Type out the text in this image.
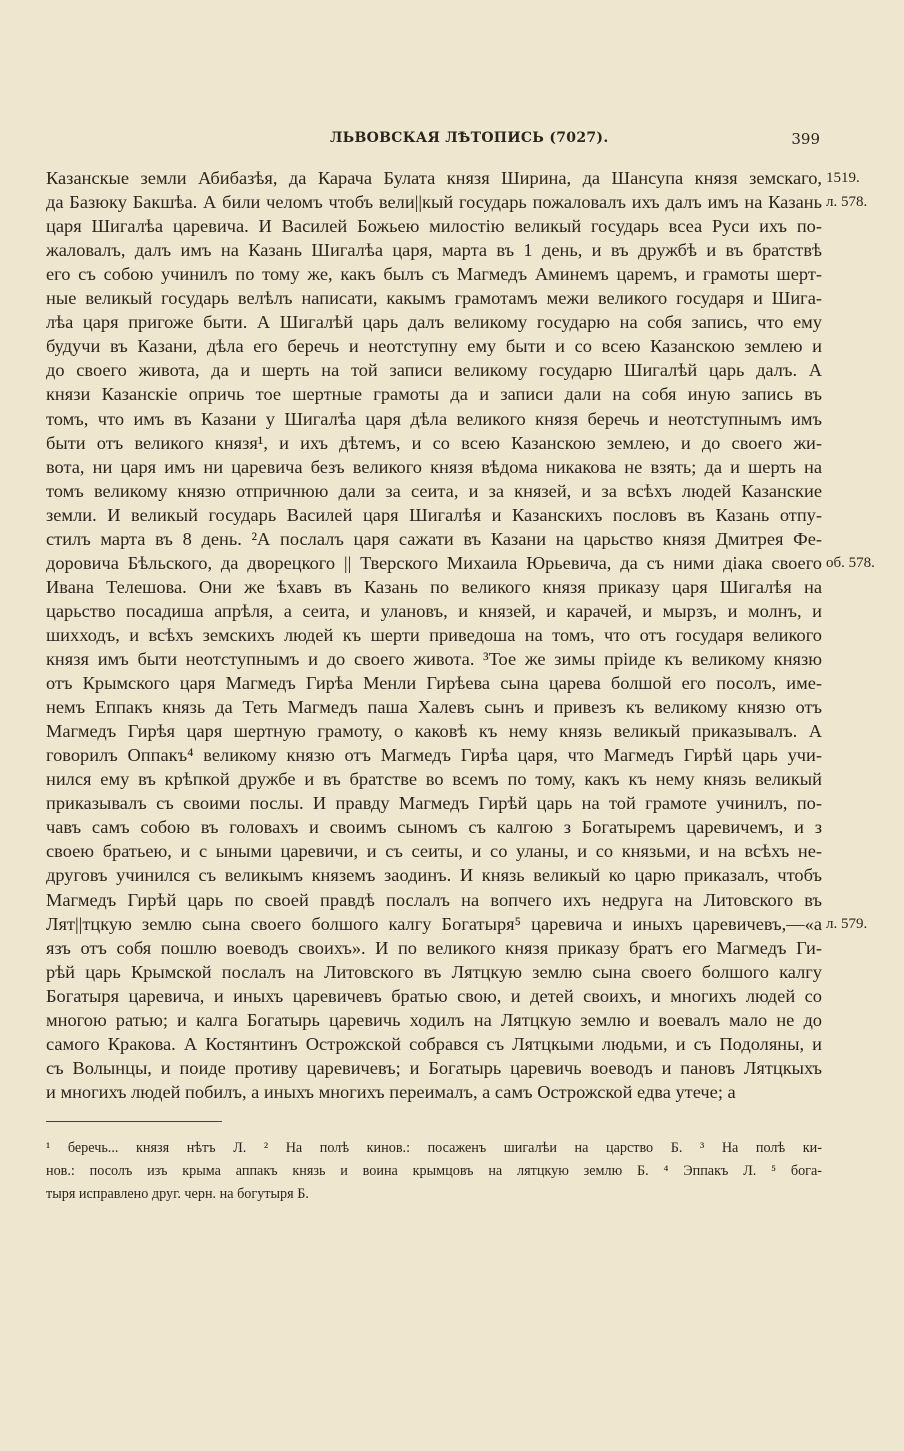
ЛЬВОВСКАЯ ЛѢТОПИСЬ (7027).	399
Казанскые земли Абибазѣя, да Карача Булата князя Ширина, да Шансупа князя земскаго,
да Базюку Бакшѣа. А били челомъ чтобъ вели||кый государь пожаловалъ ихъ далъ имъ на Казань
царя Шигалѣа царевича. И Василей Божьею милостію великый государь всеа Руси ихъ по-
жаловалъ, далъ имъ на Казань Шигалѣа царя, марта въ 1 день, и въ дружбѣ и въ братствѣ
его съ собою учинилъ по тому же, какъ былъ съ Магмедъ Аминемъ царемъ, и грамоты шерт-
ные великый государь велѣлъ написати, какымъ грамотамъ межи великого государя и Шига-
лѣа царя пригоже быти. А Шигалѣй царь далъ великому государю на собя запись, что ему
будучи въ Казани, дѣла его беречь и неотступну ему быти и со всею Казанскою землею и
до своего живота, да и шерть на той записи великому государю Шигалѣй царь далъ. А
князи Казанскіе опричь тое шертные грамоты да и записи дали на собя иную запись въ
томъ, что имъ въ Казани у Шигалѣа царя дѣла великого князя беречь и неотступнымъ имъ
быти отъ великого князя¹, и ихъ дѣтемъ, и со всею Казанскою землею, и до своего жи-
вота, ни царя имъ ни царевича безъ великого князя вѣдома никакова не взять; да и шерть на
томъ великому князю отпричнюю дали за сеита, и за князей, и за всѣхъ людей Казанские
земли. И великый государь Василей царя Шигалѣя и Казанскихъ пословъ въ Казань отпу-
стилъ марта въ 8 день. ²А послалъ царя сажати въ Казани на царьство князя Дмитрея Фе-
доровича Бѣльского, да дворецкого || Тверского Михаила Юрьевича, да съ ними діака своего
Ивана Телешова. Они же ѣхавъ въ Казань по великого князя приказу царя Шигалѣя на
царьство посадиша апрѣля, а сеита, и улановъ, и князей, и карачей, и мырзъ, и молнъ, и
шихходъ, и всѣхъ земскихъ людей къ шерти приведоша на томъ, что отъ государя великого
князя имъ быти неотступнымъ и до своего живота. ³Тое же зимы пріиде къ великому князю
отъ Крымского царя Магмедъ Гирѣа Менли Гирѣева сына царева болшой его посолъ, име-
немъ Еппакъ князь да Теть Магмедъ паша Халевъ сынъ и привезъ къ великому князю отъ
Магмедъ Гирѣя царя шертную грамоту, о каковѣ къ нему князь великый приказывалъ. А
говорилъ Оппакъ⁴ великому князю отъ Магмедъ Гирѣа царя, что Магмедъ Гирѣй царь учи-
нился ему въ крѣпкой дружбе и въ братстве во всемъ по тому, какъ къ нему князь великый
приказывалъ съ своими послы. И правду Магмедъ Гирѣй царь на той грамоте учинилъ, по-
чавъ самъ собою въ головахъ и своимъ сыномъ съ калгою з Богатыремъ царевичемъ, и з
своею братьею, и с ыными царевичи, и съ сеиты, и со уланы, и со князьми, и на всѣхъ не-
друговъ учинился съ великымъ княземъ заодинъ. И князь великый ко царю приказалъ, чтобъ
Магмедъ Гирѣй царь по своей правдѣ послалъ на вопчего ихъ недруга на Литовского въ
Лят||тцкую землю сына своего болшого калгу Богатыря⁵ царевича и иныхъ царевичевъ,—«а
язъ отъ собя пошлю воеводъ своихъ». И по великого князя приказу братъ его Магмедъ Ги-
рѣй царь Крымской послалъ на Литовского въ Лятцкую землю сына своего болшого калгу
Богатыря царевича, и иныхъ царевичевъ братью свою, и детей своихъ, и многихъ людей со
многою ратью; и калга Богатырь царевичь ходилъ на Лятцкую землю и воевалъ мало не до
самого Кракова. А Костянтинъ Острожской собрався съ Лятцкыми людьми, и съ Подоляны, и
съ Волынцы, и поиде противу царевичевъ; и Богатырь царевичь воеводъ и пановъ Лятцкыхъ
и многихъ людей побилъ, а иныхъ многихъ переималъ, а самъ Острожской едва утече; а
1519.
л. 578.
об. 578.
л. 579.
¹ беречь... князя нѣтъ Л. ² На полѣ кинов.: посаженъ шигалѣи на царство Б. ³ На полѣ ки-
нов.: посолъ изъ крыма аппакъ князь и воина крымцовъ на лятцкую землю Б. ⁴ Эппакъ Л. ⁵ бога-
тыря исправлено друг. черн. на богутыря Б.
